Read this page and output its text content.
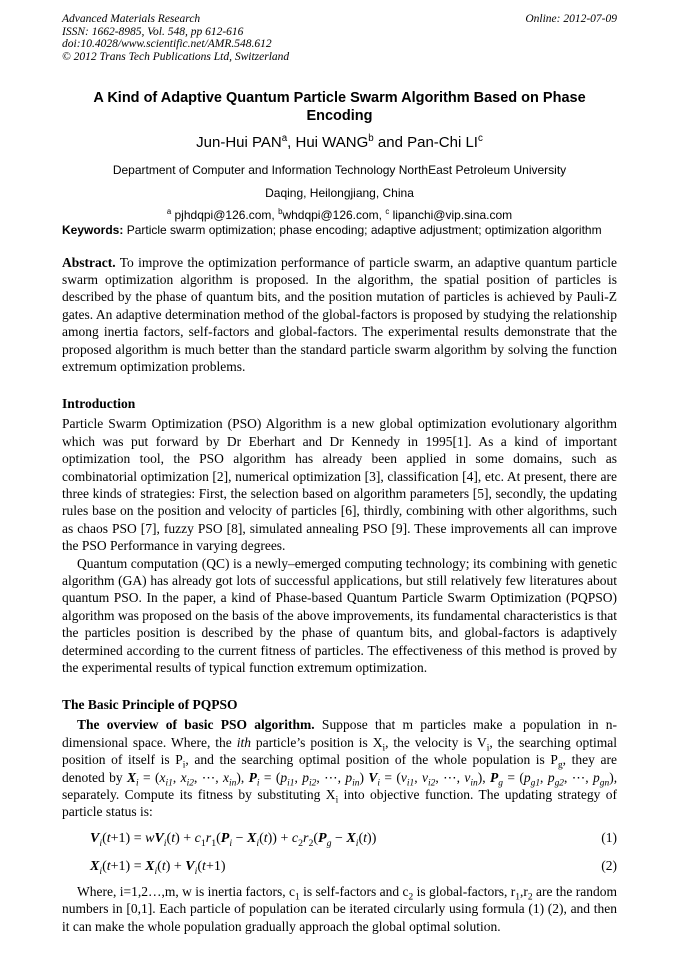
Advanced Materials Research
ISSN: 1662-8985, Vol. 548, pp 612-616
doi:10.4028/www.scientific.net/AMR.548.612
© 2012 Trans Tech Publications Ltd, Switzerland
Online: 2012-07-09
A Kind of Adaptive Quantum Particle Swarm Algorithm Based on Phase Encoding
Jun-Hui PAN$^a$, Hui WANG$^b$ and Pan-Chi $LI^c$
Department of Computer and Information Technology NorthEast Petroleum University
Daqing, Heilongjiang, China
$^a$ pjhdqpi@126.com, $^b$whdqpi@126.com, $^c$ lipanchi@vip.sina.com

Keywords: Particle swarm optimization; phase encoding; adaptive adjustment; optimization algorithm

Abstract. To improve the optimization performance of particle swarm, an adaptive quantum particle swarm optimization algorithm is proposed. In the algorithm, the spatial position of particles is described by the phase of quantum bits, and the position mutation of particles is achieved by Pauli-Z gates. An adaptive determination method of the global-factors is proposed by studying the relationship among inertia factors, self-factors and global-factors. The experimental results demonstrate that the proposed algorithm is much better than the standard particle swarm algorithm by solving the function extremum optimization problems.

Introduction

Particle Swarm Optimization (PSO) Algorithm is a new global optimization evolutionary algorithm which was put forward by Dr Eberhart and Dr Kennedy in 1995[1]. As a kind of important optimization tool, the PSO algorithm has already been applied in some domains, such as combinatorial optimization [2], numerical optimization [3], classification [4], etc. At present, there are three kinds of strategies: First, the selection based on algorithm parameters [5], secondly, the updating rules base on the position and velocity of particles [6], thirdly, combining with other algorithms, such as chaos PSO [7], fuzzy PSO [8], simulated annealing PSO [9]. These improvements all can improve the PSO Performance in varying degrees.

Quantum computation (QC) is a newly–emerged computing technology; its combining with genetic algorithm (GA) has already got lots of successful applications, but still relatively few literatures about quantum PSO. In the paper, a kind of Phase-based Quantum Particle Swarm Optimization (PQPSO) algorithm was proposed on the basis of the above improvements, its fundamental characteristics is that the particles position is described by the phase of quantum bits, and global-factors is adaptively determined according to the current fitness of particles. The effectiveness of this method is proved by the experimental results of typical function extremum optimization.

The Basic Principle of PQPSO

The overview of basic PSO algorithm. Suppose that m particles make a population in n-dimensional space. Where, the ith particle’s position is $X_i$, the velocity is $V_i$, the searching optimal position of itself is $P_i$, and the searching optimal position of the whole population is $P_g$, they are denoted by $X_i = (x_{i1}$, $x_{i2}$, ⋯, $x_{in}$), $P_i = (p_{i1}$, $p_{i2}$, ⋯, $p_{in}$) $V_i = (v_{i1}$, $v_{i2}$, ⋯, $v_{in}$), $P_g = (p_{g1}$, $p_{g2}$, ⋯, $p_{gn}$), separately. Compute its fitness by substituting $X_i$ into objective function. The updating strategy of particle status is:

$V_i(t+1) = wV_i(t) + c_1r_1(P_i - X_i(t)) + c_2r_2(P_g - X_i(t))$	(1)
$X_i(t+1) = X_i(t) + V_i(t+1)$	(2)

Where, i=1,2…,m, w is inertia factors, $c_1$ is self-factors and $c_2$ is global-factors, $r_1,r_2$ are the random numbers in [0,1]. Each particle of population can be iterated circularly using formula (1) (2), and then it can make the whole population gradually approach the global optimal solution.
